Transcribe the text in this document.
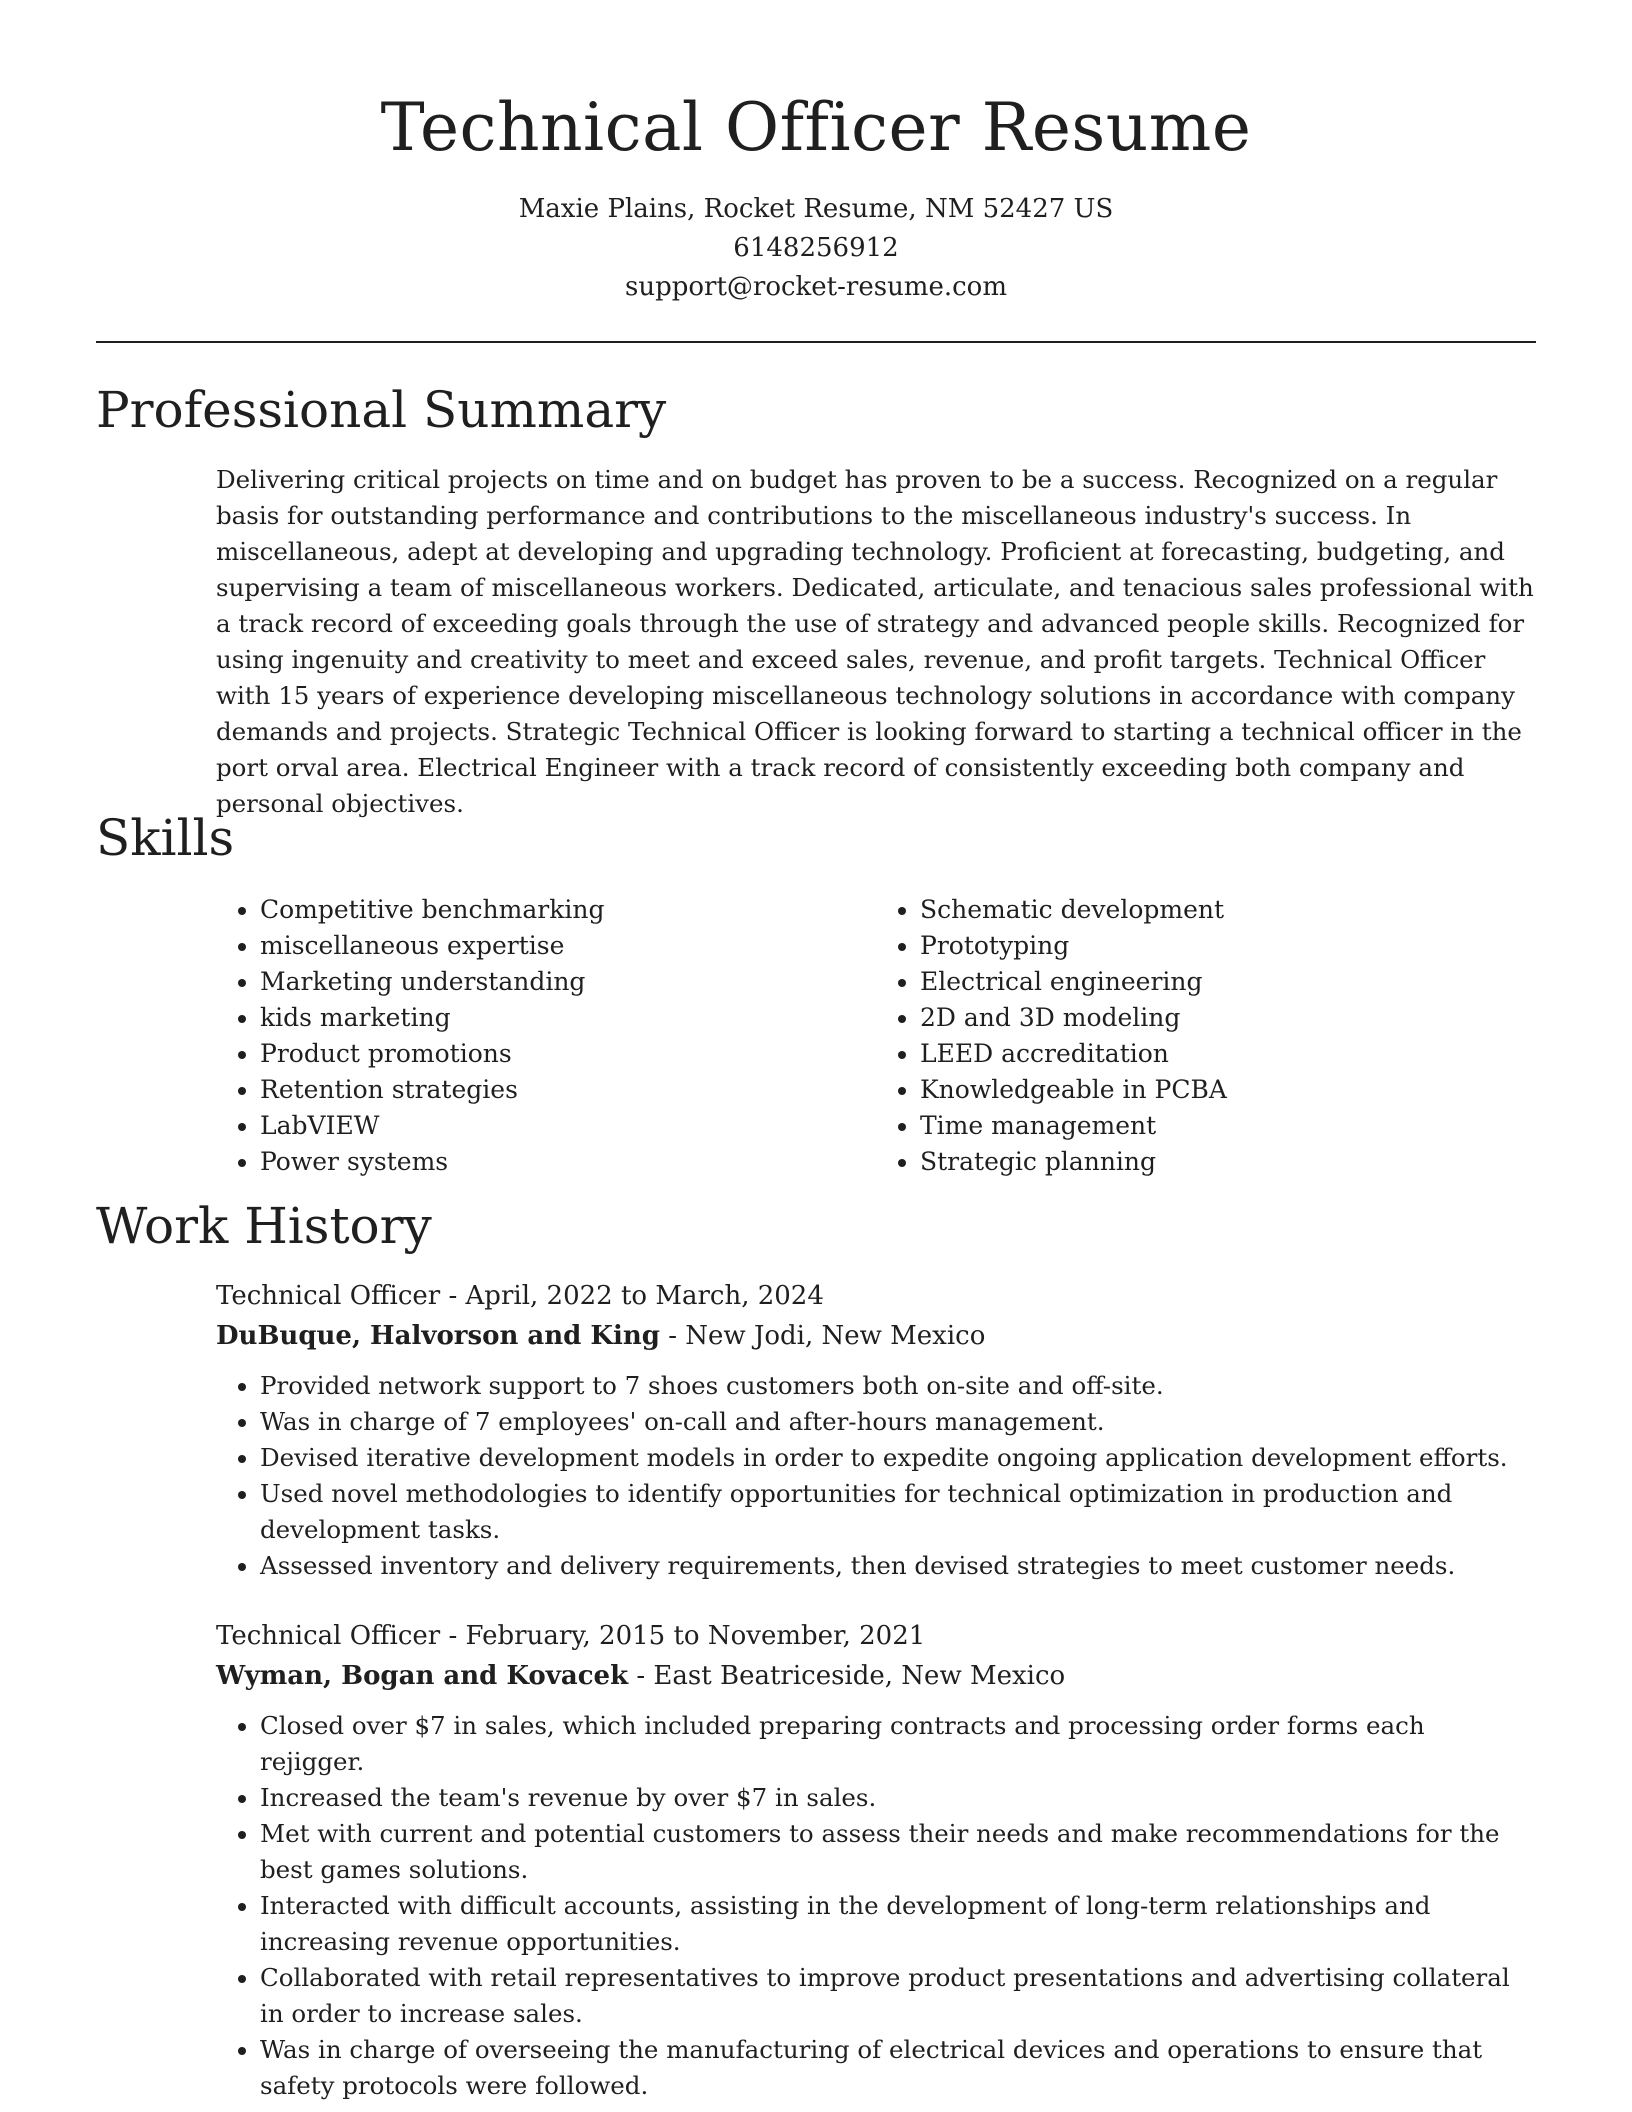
Technical Officer Resume
Maxie Plains, Rocket Resume, NM 52427 US
6148256912
support@rocket-resume.com
Professional Summary

Delivering critical projects on time and on budget has proven to be a success. Recognized on a regular basis for outstanding performance and contributions to the miscellaneous industry's success. In miscellaneous, adept at developing and upgrading technology. Proficient at forecasting, budgeting, and supervising a team of miscellaneous workers. Dedicated, articulate, and tenacious sales professional with a track record of exceeding goals through the use of strategy and advanced people skills. Recognized for using ingenuity and creativity to meet and exceed sales, revenue, and profit targets. Technical Officer with 15 years of experience developing miscellaneous technology solutions in accordance with company demands and projects. Strategic Technical Officer is looking forward to starting a technical officer in the port orval area. Electrical Engineer with a track record of consistently exceeding both company and personal objectives.

Skills
• Competitive benchmarking
• miscellaneous expertise
• Marketing understanding
• kids marketing
• Product promotions
• Retention strategies
• LabVIEW
• Power systems
• Schematic development
• Prototyping
• Electrical engineering
• 2D and 3D modeling
• LEED accreditation
• Knowledgeable in PCBA
• Time management
• Strategic planning
Work History
Technical Officer - April, 2022 to March, 2024
DuBuque, Halvorson and King - New Jodi, New Mexico
• Provided network support to 7 shoes customers both on-site and off-site.
• Was in charge of 7 employees' on-call and after-hours management.
• Devised iterative development models in order to expedite ongoing application development efforts.
• Used novel methodologies to identify opportunities for technical optimization in production and development tasks.
• Assessed inventory and delivery requirements, then devised strategies to meet customer needs.
Technical Officer - February, 2015 to November, 2021
Wyman, Bogan and Kovacek - East Beatriceside, New Mexico
• Closed over $7 in sales, which included preparing contracts and processing order forms each rejigger.
• Increased the team's revenue by over $7 in sales.
• Met with current and potential customers to assess their needs and make recommendations for the best games solutions.
• Interacted with difficult accounts, assisting in the development of long-term relationships and increasing revenue opportunities.
• Collaborated with retail representatives to improve product presentations and advertising collateral in order to increase sales.
• Was in charge of overseeing the manufacturing of electrical devices and operations to ensure that safety protocols were followed.
